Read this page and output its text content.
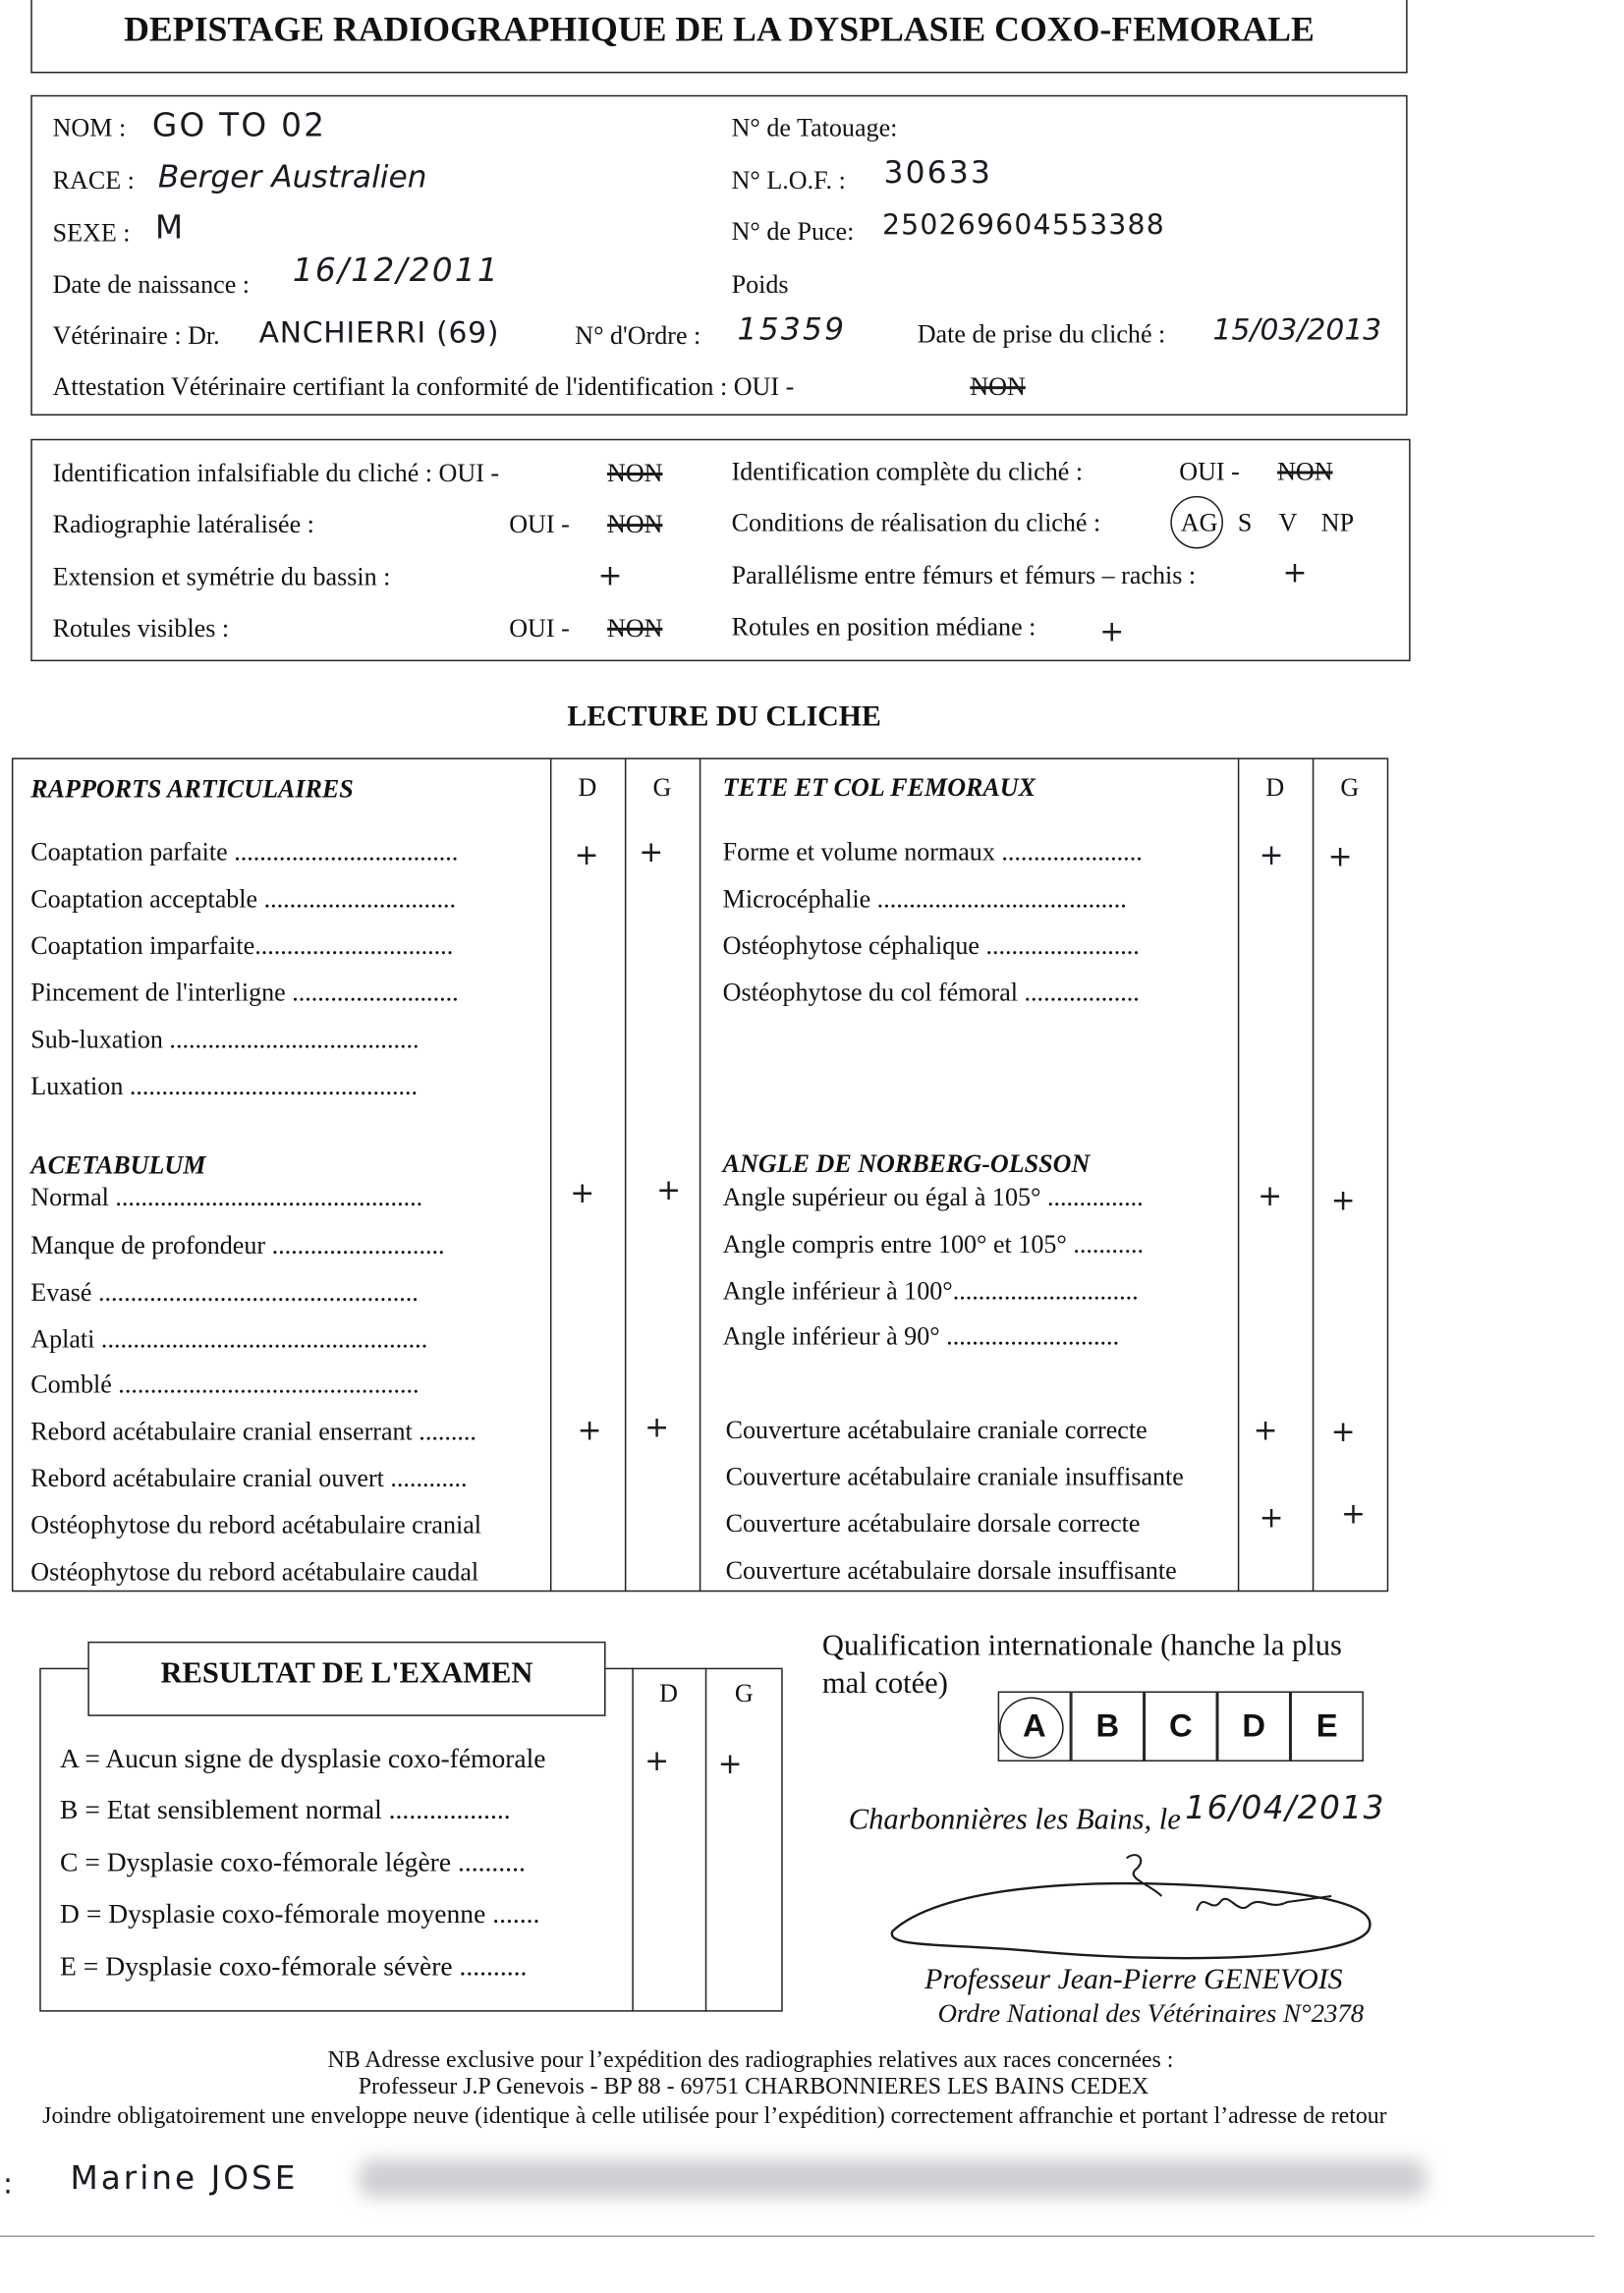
DEPISTAGE RADIOGRAPHIQUE DE LA DYSPLASIE COXO-FEMORALE
NOM : GO TO 02
RACE : Berger Australien
SEXE : M
Date de naissance : 16/12/2011
Vétérinaire : Dr. ANCHIERRI (69)	N° d'Ordre : 15359	Date de prise du cliché : 15/03/2013
N° de Tatouage:
N° L.O.F. : 30633
N° de Puce: 250269604553388
Poids
Attestation Vétérinaire certifiant la conformité de l'identification : OUI -	NON
Identification infalsifiable du cliché : OUI -	NON
Radiographie latéralisée :	OUI - NON
Extension et symétrie du bassin :	+
Rotules visibles :	OUI - NON
Identification complète du cliché :	OUI - NON
Conditions de réalisation du cliché :	AG S V NP
Parallélisme entre fémurs et fémurs – rachis :	+
Rotules en position médiane :	+
LECTURE DU CLICHE
RAPPORTS ARTICULAIRES	D	G	TETE ET COL FEMORAUX	D	G
Coaptation parfaite ...................................	+ +
Coaptation acceptable ..............................
Coaptation imparfaite...............................
Pincement de l'interligne ..........................
Sub-luxation .......................................
Luxation .............................................
ACETABULUM
Normal ................................................	+	+
Manque de profondeur ...........................
Evasé ..................................................
Aplati ...................................................
Comblé ...............................................
Rebord acétabulaire cranial enserrant .........	+ +
Rebord acétabulaire cranial ouvert ............
Ostéophytose du rebord acétabulaire cranial
Ostéophytose du rebord acétabulaire caudal
Forme et volume normaux ......................	+ +
Microcéphalie .......................................
Ostéophytose céphalique ........................
Ostéophytose du col fémoral ..................
ANGLE DE NORBERG-OLSSON
Angle supérieur ou égal à 105° ...............	+ +
Angle compris entre 100° et 105° ...........
Angle inférieur à 100°.............................
Angle inférieur à 90° ...........................
Couverture acétabulaire craniale correcte	+	+
Couverture acétabulaire craniale insuffisante
Couverture acétabulaire dorsale correcte	+	+
Couverture acétabulaire dorsale insuffisante
RESULTAT DE L'EXAMEN
D	G
A = Aucun signe de dysplasie coxo-fémorale	+ +
B = Etat sensiblement normal ..................
C = Dysplasie coxo-fémorale légère ..........
D = Dysplasie coxo-fémorale moyenne .......
E = Dysplasie coxo-fémorale sévère ..........
Qualification internationale (hanche la plus
mal cotée)
A	B	C	D	E
Charbonnières les Bains, le 16/04/2013
Professeur Jean-Pierre GENEVOIS
Ordre National des Vétérinaires N°2378
NB Adresse exclusive pour l’expédition des radiographies relatives aux races concernées :
Professeur J.P Genevois - BP 88 - 69751 CHARBONNIERES LES BAINS CEDEX
Joindre obligatoirement une enveloppe neuve (identique à celle utilisée pour l’expédition) correctement affranchie et portant l’adresse de retour
:	Marine JOSE
